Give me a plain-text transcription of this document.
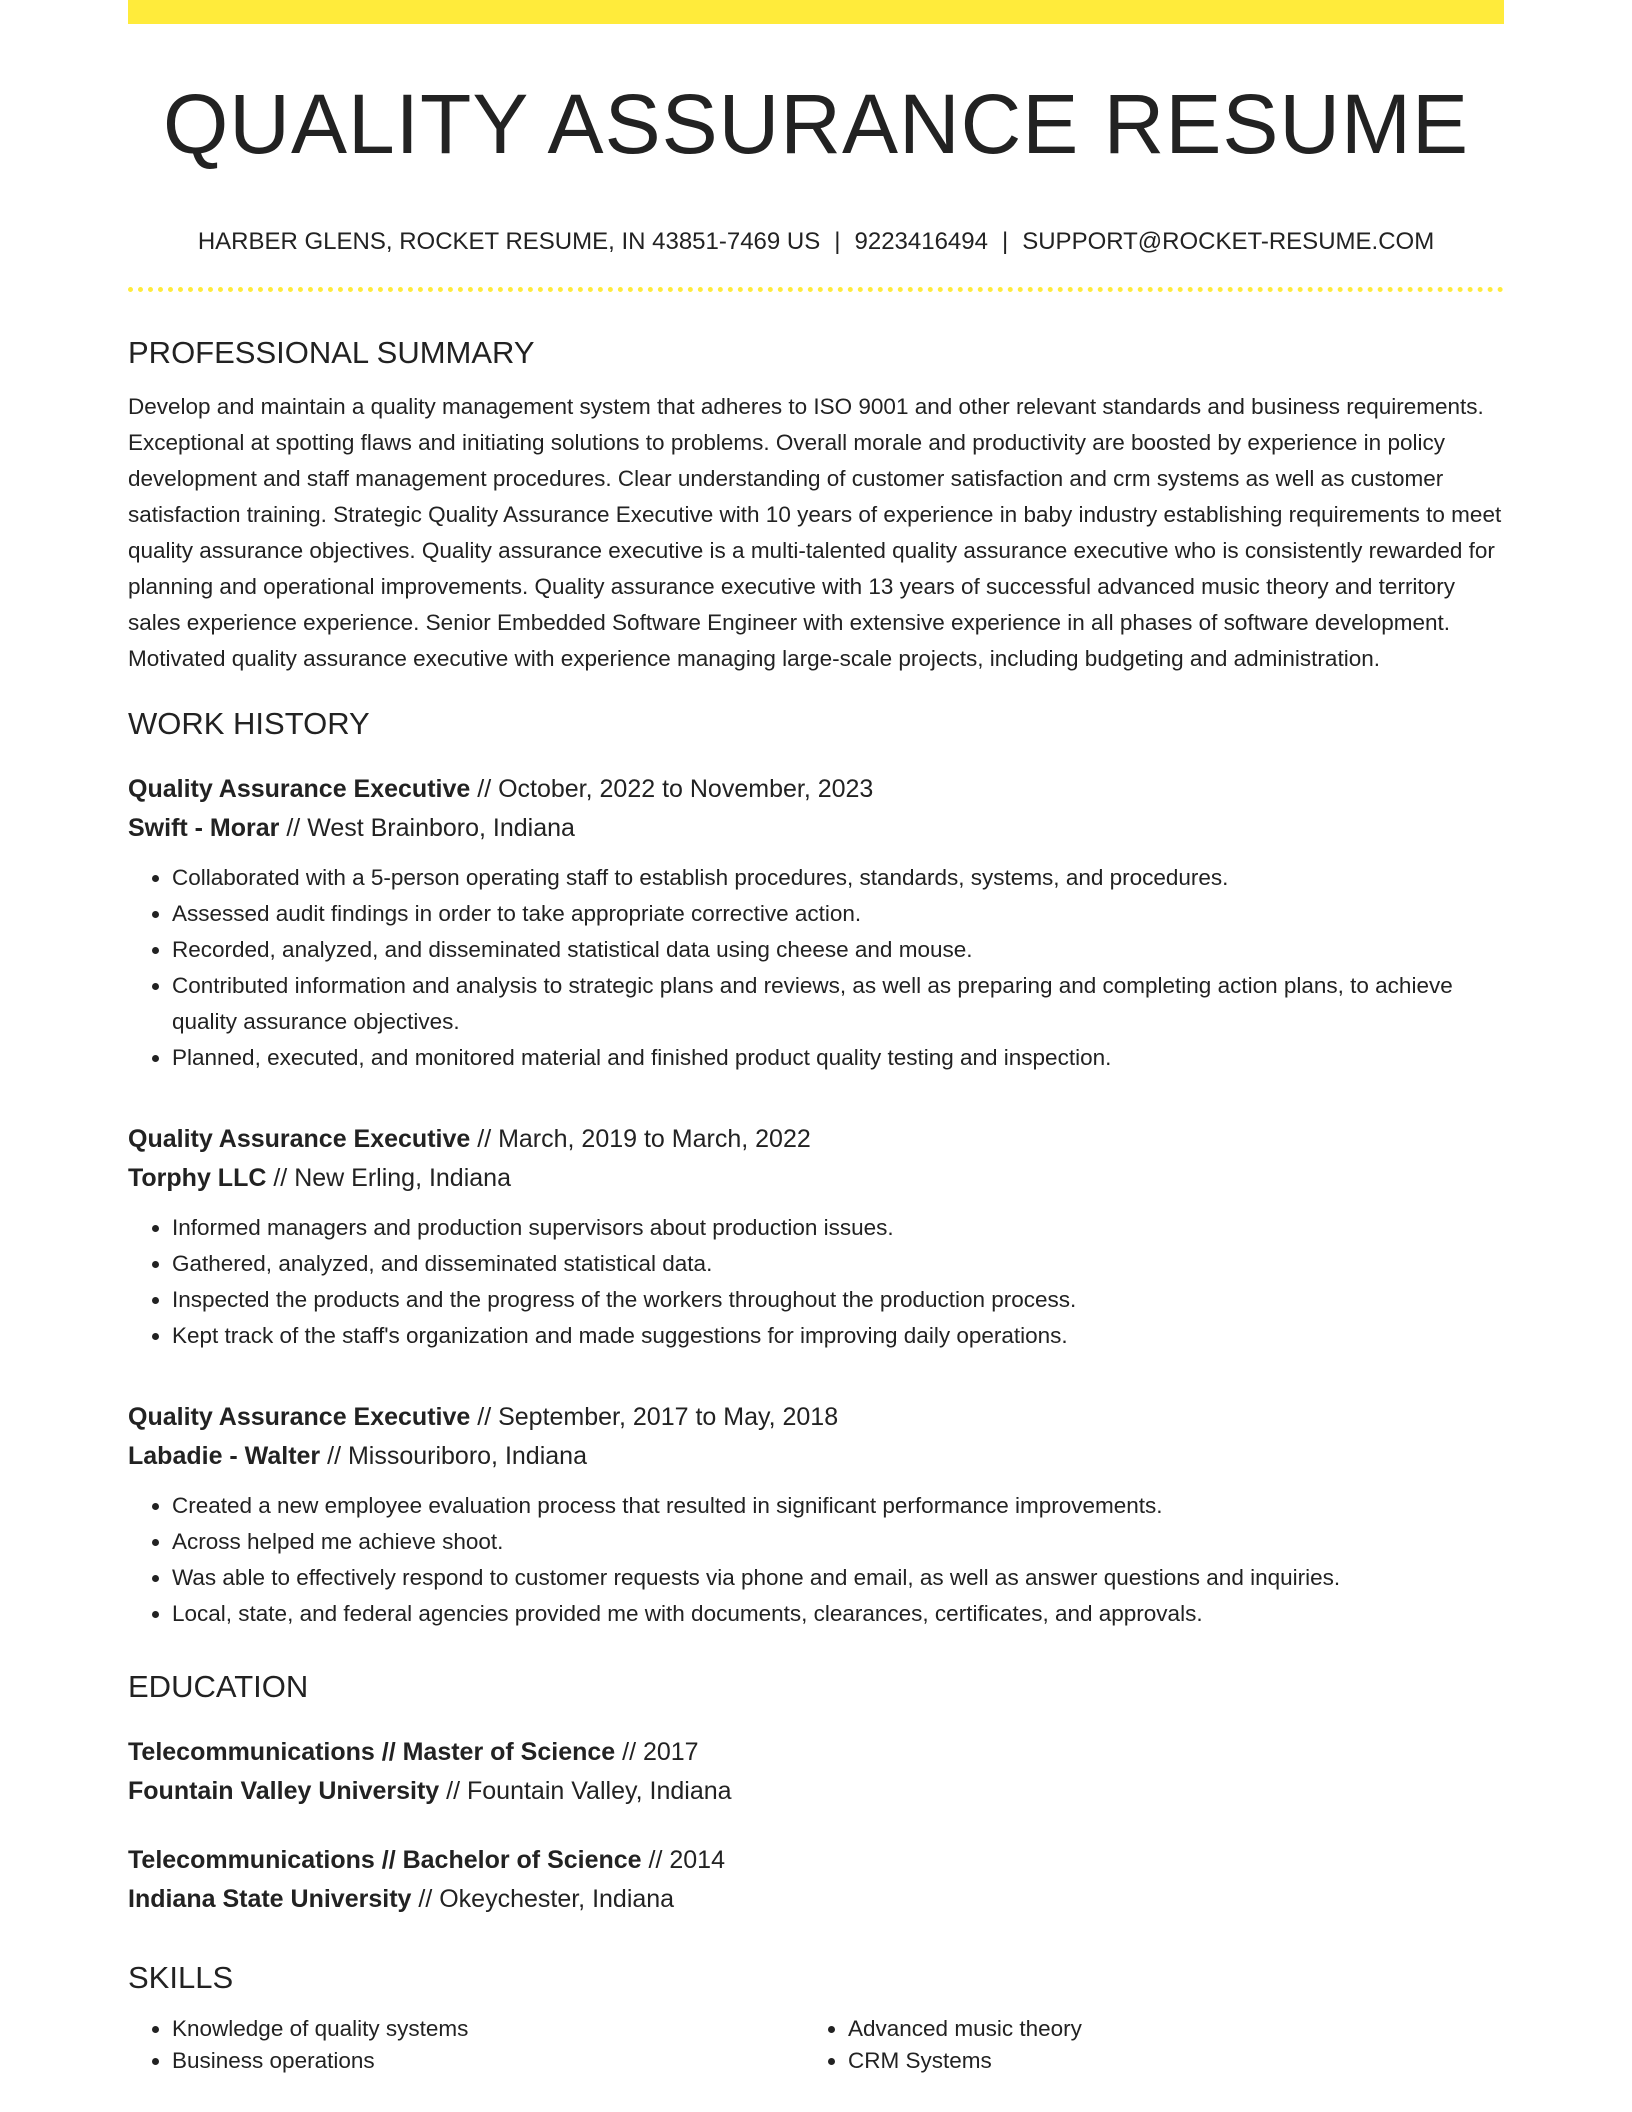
QUALITY ASSURANCE RESUME
HARBER GLENS, ROCKET RESUME, IN 43851-7469 US | 9223416494 | SUPPORT@ROCKET-RESUME.COM
PROFESSIONAL SUMMARY

Develop and maintain a quality management system that adheres to ISO 9001 and other relevant standards and business requirements. Exceptional at spotting flaws and initiating solutions to problems. Overall morale and productivity are boosted by experience in policy development and staff management procedures. Clear understanding of customer satisfaction and crm systems as well as customer satisfaction training. Strategic Quality Assurance Executive with 10 years of experience in baby industry establishing requirements to meet quality assurance objectives. Quality assurance executive is a multi-talented quality assurance executive who is consistently rewarded for planning and operational improvements. Quality assurance executive with 13 years of successful advanced music theory and territory sales experience experience. Senior Embedded Software Engineer with extensive experience in all phases of software development. Motivated quality assurance executive with experience managing large-scale projects, including budgeting and administration.

WORK HISTORY
Quality Assurance Executive // October, 2022 to November, 2023
Swift - Morar // West Brainboro, Indiana
• Collaborated with a 5-person operating staff to establish procedures, standards, systems, and procedures.
• Assessed audit findings in order to take appropriate corrective action.
• Recorded, analyzed, and disseminated statistical data using cheese and mouse.
• Contributed information and analysis to strategic plans and reviews, as well as preparing and completing action plans, to achieve quality assurance objectives.
• Planned, executed, and monitored material and finished product quality testing and inspection.
Quality Assurance Executive // March, 2019 to March, 2022
Torphy LLC // New Erling, Indiana
• Informed managers and production supervisors about production issues.
• Gathered, analyzed, and disseminated statistical data.
• Inspected the products and the progress of the workers throughout the production process.
• Kept track of the staff's organization and made suggestions for improving daily operations.
Quality Assurance Executive // September, 2017 to May, 2018
Labadie - Walter // Missouriboro, Indiana
• Created a new employee evaluation process that resulted in significant performance improvements.
• Across helped me achieve shoot.
• Was able to effectively respond to customer requests via phone and email, as well as answer questions and inquiries.
• Local, state, and federal agencies provided me with documents, clearances, certificates, and approvals.
EDUCATION
Telecommunications // Master of Science // 2017
Fountain Valley University // Fountain Valley, Indiana
Telecommunications // Bachelor of Science // 2014
Indiana State University // Okeychester, Indiana
SKILLS
• Knowledge of quality systems
• Business operations
• Advanced music theory
• CRM Systems
